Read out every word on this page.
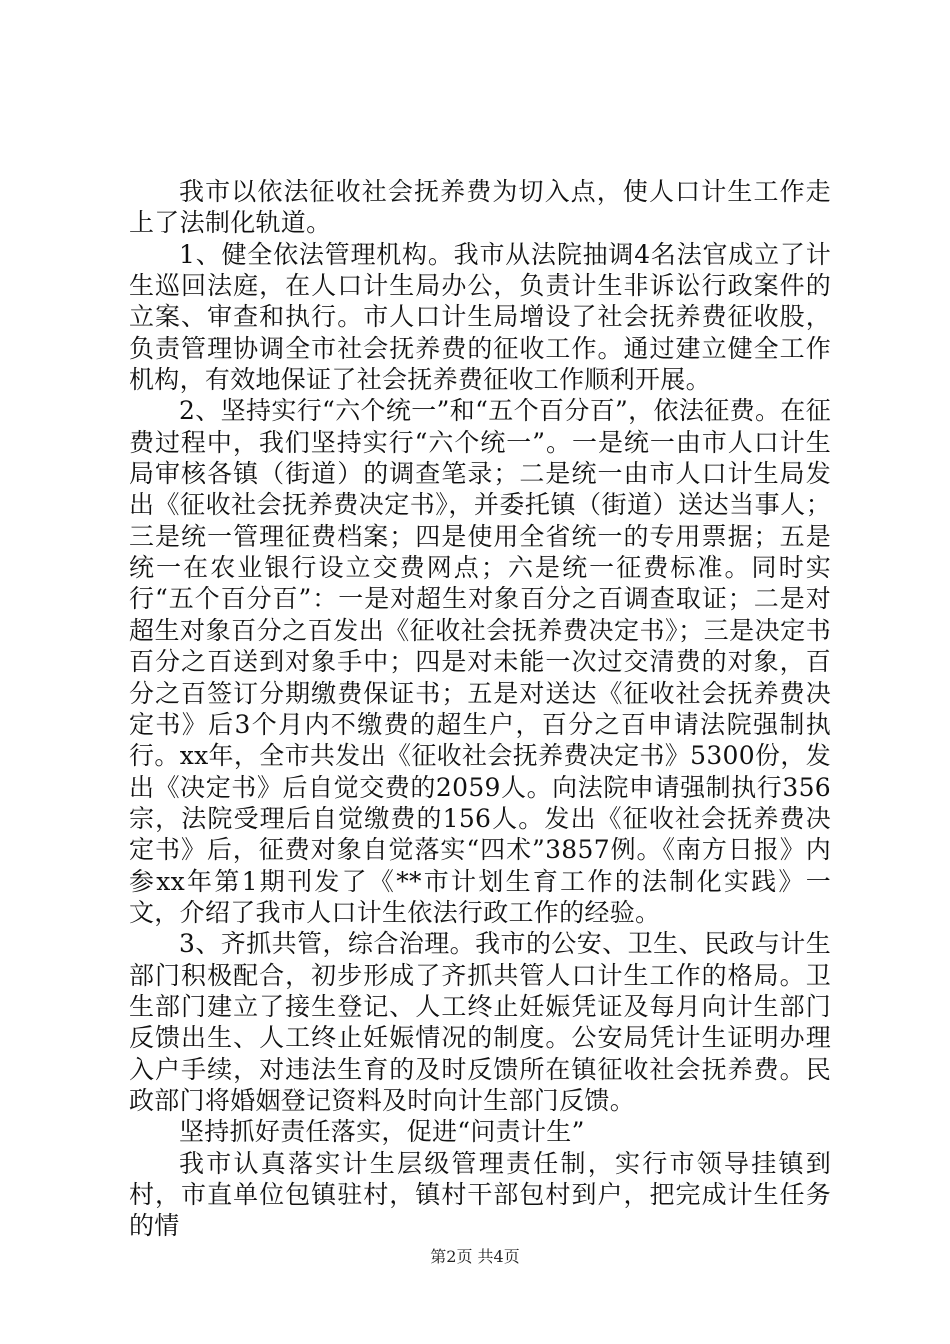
我市以依法征收社会抚养费为切入点，使人口计生工作走上了法制化轨道。

1、健全依法管理机构。我市从法院抽调4名法官成立了计生巡回法庭，在人口计生局办公，负责计生非诉讼行政案件的立案、审查和执行。市人口计生局增设了社会抚养费征收股，负责管理协调全市社会抚养费的征收工作。通过建立健全工作机构，有效地保证了社会抚养费征收工作顺利开展。

2、坚持实行“六个统一”和“五个百分百”，依法征费。在征费过程中，我们坚持实行“六个统一”。一是统一由市人口计生局审核各镇（街道）的调查笔录；二是统一由市人口计生局发出《征收社会抚养费决定书》，并委托镇（街道）送达当事人；三是统一管理征费档案；四是使用全省统一的专用票据；五是统一在农业银行设立交费网点；六是统一征费标准。同时实行“五个百分百”：一是对超生对象百分之百调查取证；二是对超生对象百分之百发出《征收社会抚养费决定书》；三是决定书百分之百送到对象手中；四是对未能一次过交清费的对象，百分之百签订分期缴费保证书；五是对送达《征收社会抚养费决定书》后3个月内不缴费的超生户，百分之百申请法院强制执行。xx年，全市共发出《征收社会抚养费决定书》5300份，发出《决定书》后自觉交费的2059人。向法院申请强制执行356宗，法院受理后自觉缴费的156人。发出《征收社会抚养费决定书》后，征费对象自觉落实“四术”3857例。《南方日报》内参xx年第1期刊发了《**市计划生育工作的法制化实践》一文，介绍了我市人口计生依法行政工作的经验。

3、齐抓共管，综合治理。我市的公安、卫生、民政与计生部门积极配合，初步形成了齐抓共管人口计生工作的格局。卫生部门建立了接生登记、人工终止妊娠凭证及每月向计生部门反馈出生、人工终止妊娠情况的制度。公安局凭计生证明办理入户手续，对违法生育的及时反馈所在镇征收社会抚养费。民政部门将婚姻登记资料及时向计生部门反馈。

坚持抓好责任落实，促进“问责计生”

我市认真落实计生层级管理责任制，实行市领导挂镇到村，市直单位包镇驻村，镇村干部包村到户，把完成计生任务的情

第2页 共4页
